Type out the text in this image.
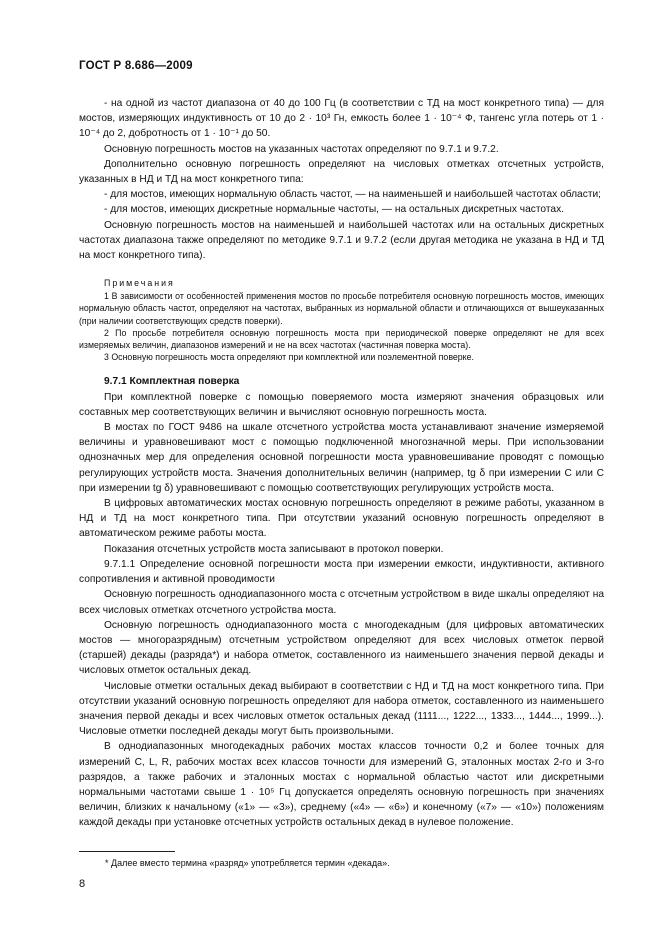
ГОСТ Р 8.686—2009

- на одной из частот диапазона от 40 до 100 Гц (в соответствии с ТД на мост конкретного типа) — для мостов, измеряющих индуктивность от 10 до 2 · 10³ Гн, емкость более 1 · 10⁻⁴ Ф, тангенс угла потерь от 1 · 10⁻⁴ до 2, добротность от 1 · 10⁻¹ до 50.

Основную погрешность мостов на указанных частотах определяют по 9.7.1 и 9.7.2.

Дополнительно основную погрешность определяют на числовых отметках отсчетных устройств, указанных в НД и ТД на мост конкретного типа:

- для мостов, имеющих нормальную область частот, — на наименьшей и наибольшей частотах области;

- для мостов, имеющих дискретные нормальные частоты, — на остальных дискретных частотах.

Основную погрешность мостов на наименьшей и наибольшей частотах или на остальных дискретных частотах диапазона также определяют по методике 9.7.1 и 9.7.2 (если другая методика не указана в НД и ТД на мост конкретного типа).

Примечания

1 В зависимости от особенностей применения мостов по просьбе потребителя основную погрешность мостов, имеющих нормальную область частот, определяют на частотах, выбранных из нормальной области и отличающихся от вышеуказанных (при наличии соответствующих средств поверки).

2 По просьбе потребителя основную погрешность моста при периодической поверке определяют не для всех измеряемых величин, диапазонов измерений и не на всех частотах (частичная поверка моста).

3 Основную погрешность моста определяют при комплектной или поэлементной поверке.

9.7.1 Комплектная поверка

При комплектной поверке с помощью поверяемого моста измеряют значения образцовых или составных мер соответствующих величин и вычисляют основную погрешность моста.

В мостах по ГОСТ 9486 на шкале отсчетного устройства моста устанавливают значение измеряемой величины и уравновешивают мост с помощью подключенной многозначной меры. При использовании однозначных мер для определения основной погрешности моста уравновешивание проводят с помощью регулирующих устройств моста. Значения дополнительных величин (например, tg δ при измерении C или C при измерении tg δ) уравновешивают с помощью соответствующих регулирующих устройств моста.

В цифровых автоматических мостах основную погрешность определяют в режиме работы, указанном в НД и ТД на мост конкретного типа. При отсутствии указаний основную погрешность определяют в автоматическом режиме работы моста.

Показания отсчетных устройств моста записывают в протокол поверки.

9.7.1.1 Определение основной погрешности моста при измерении емкости, индуктивности, активного сопротивления и активной проводимости

Основную погрешность однодиапазонного моста с отсчетным устройством в виде шкалы определяют на всех числовых отметках отсчетного устройства моста.

Основную погрешность однодиапазонного моста с многодекадным (для цифровых автоматических мостов — многоразрядным) отсчетным устройством определяют для всех числовых отметок первой (старшей) декады (разряда*) и набора отметок, составленного из наименьшего значения первой декады и числовых отметок остальных декад.

Числовые отметки остальных декад выбирают в соответствии с НД и ТД на мост конкретного типа. При отсутствии указаний основную погрешность определяют для набора отметок, составленного из наименьшего значения первой декады и всех числовых отметок остальных декад (1111..., 1222..., 1333..., 1444..., 1999...). Числовые отметки последней декады могут быть произвольными.

В однодиапазонных многодекадных рабочих мостах классов точности 0,2 и более точных для измерений C, L, R, рабочих мостах всех классов точности для измерений G, эталонных мостах 2-го и 3-го разрядов, а также рабочих и эталонных мостах с нормальной областью частот или дискретными нормальными частотами свыше 1 · 10⁵ Гц допускается определять основную погрешность при значениях величин, близких к начальному («1» — «3»), среднему («4» — «6») и конечному («7» — «10») положениям каждой декады при установке отсчетных устройств остальных декад в нулевое положение.

* Далее вместо термина «разряд» употребляется термин «декада».
8
